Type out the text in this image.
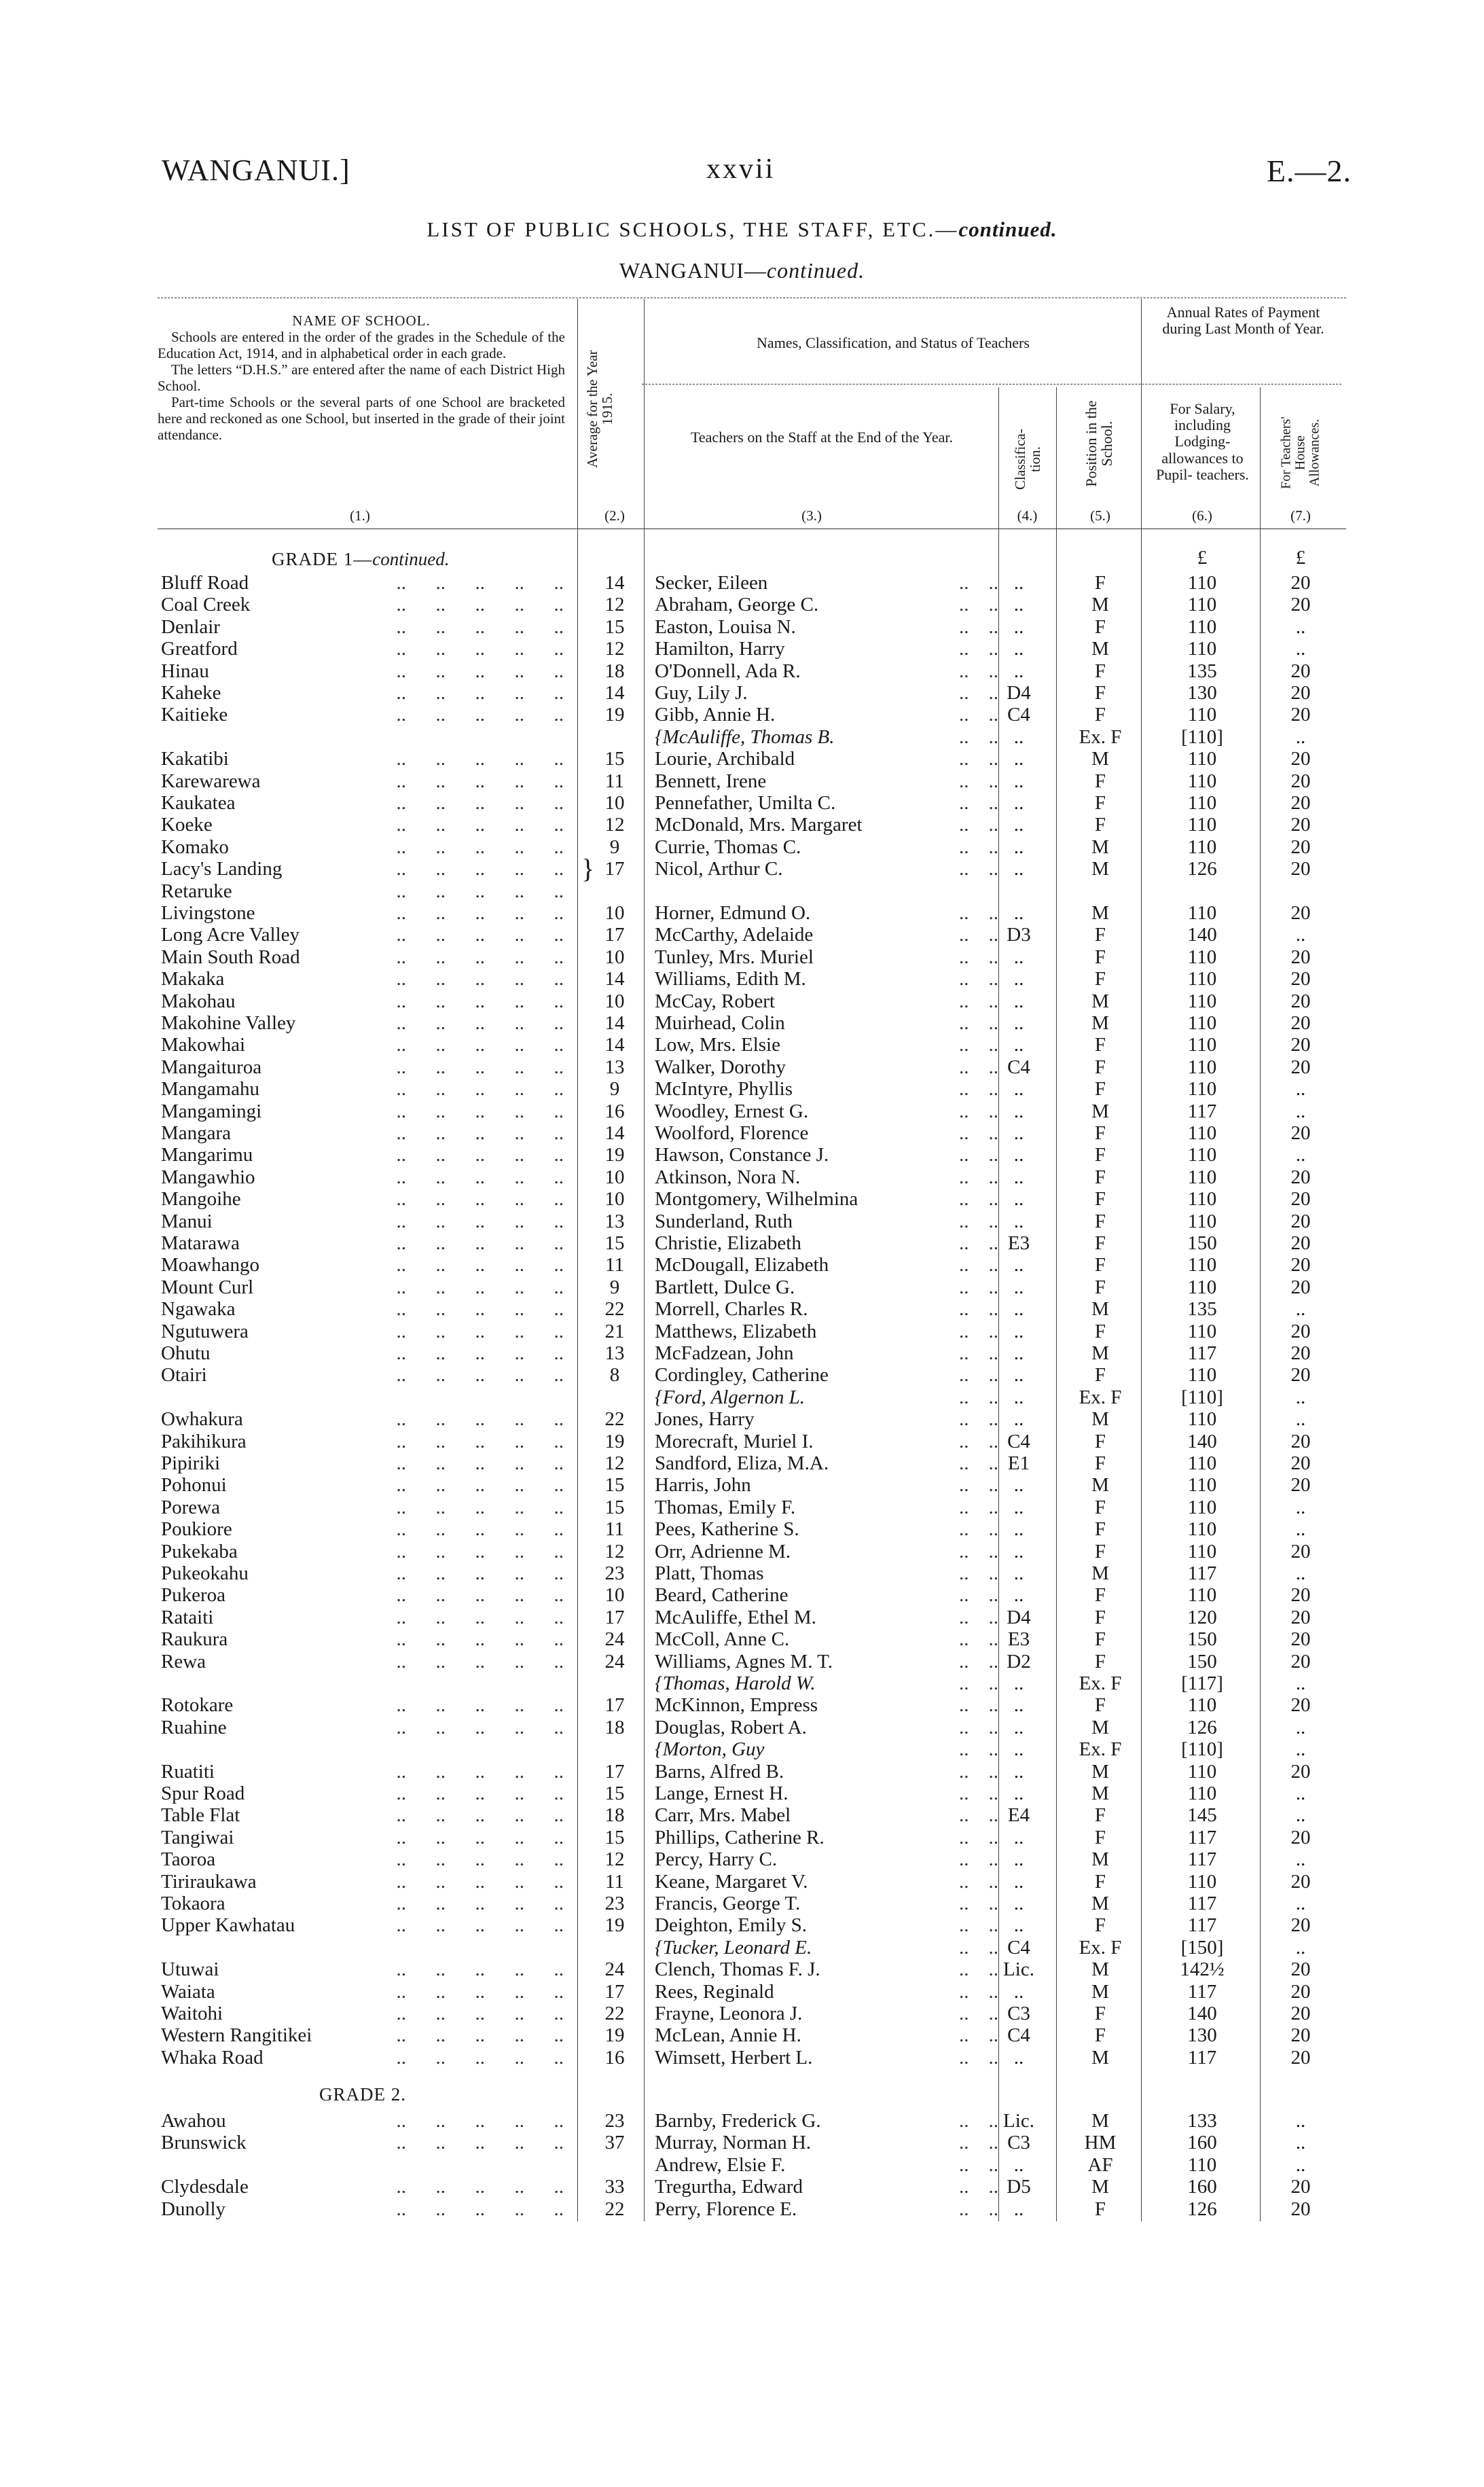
WANGANUI.]	xxvii	E.—2.
LIST OF PUBLIC SCHOOLS, THE STAFF, ETC.—continued.
WANGANUI—continued.
NAME OF SCHOOL.

Schools are entered in the order of the grades in the Schedule of the Education Act, 1914, and in alphabetical order in each grade.

The letters “D.H.S.” are entered after the name of each District High School.

Part-time Schools or the several parts of one School are bracketed here and reckoned as one School, but inserted in the grade of their joint attendance.

(1.)
Average for the Year 1915.
(2.)
Names, Classification, and Status of Teachers
Teachers on the Staff at the End of the Year.
(3.)
Classifica- tion.
(4.)
Position in the School.
(5.)
Annual Rates of Payment during Last Month of Year.
For Salary, including Lodging- allowances to Pupil- teachers.
(6.)
For Teachers' House Allowances.
(7.)
GRADE 1—continued.	£	£
Bluff Road	..      ..      ..      ..      ..	14	Secker, Eileen	..    .. ..	F	110	20
Coal Creek	..      ..      ..      ..      ..	12	Abraham, George C.	..    .. ..	M	110	20
Denlair	..      ..      ..      ..      ..	15	Easton, Louisa N.	..    .. ..	F	110	..
Greatford	..      ..      ..      ..      ..	12	Hamilton, Harry	..    .. ..	M	110	..
Hinau	..      ..      ..      ..      ..	18	O'Donnell, Ada R.	..    .. ..	F	135	20
Kaheke	..      ..      ..      ..      ..	14	Guy, Lily J.	..    .. D4	F	130	20
Kaitieke	..      ..      ..      ..      ..	19	Gibb, Annie H.	..    .. C4	F	110	20
{McAuliffe, Thomas B.	..    .. ..	Ex. F	[110]	..
Kakatibi	..      ..      ..      ..      ..	15	Lourie, Archibald	..    .. ..	M	110	20
Karewarewa	..      ..      ..      ..      ..	11	Bennett, Irene	..    .. ..	F	110	20
Kaukatea	..      ..      ..      ..      ..	10	Pennefather, Umilta C.	..    .. ..	F	110	20
Koeke	..      ..      ..      ..      ..	12	McDonald, Mrs. Margaret	..    .. ..	F	110	20
Komako	..      ..      ..      ..      ..	9	Currie, Thomas C.	..    .. ..	M	110	20
Lacy's Landing	..      ..      ..      ..      .. } 17	Nicol, Arthur C.	..    .. ..	M	126	20
Retaruke	..      ..      ..      ..      ..
Livingstone	..      ..      ..      ..      ..	10	Horner, Edmund O.	..    .. ..	M	110	20
Long Acre Valley	..      ..      ..      ..      ..	17	McCarthy, Adelaide	..    .. D3	F	140	..
Main South Road	..      ..      ..      ..      ..	10	Tunley, Mrs. Muriel	..    .. ..	F	110	20
Makaka	..      ..      ..      ..      ..	14	Williams, Edith M.	..    .. ..	F	110	20
Makohau	..      ..      ..      ..      ..	10	McCay, Robert	..    .. ..	M	110	20
Makohine Valley	..      ..      ..      ..      ..	14	Muirhead, Colin	..    .. ..	M	110	20
Makowhai	..      ..      ..      ..      ..	14	Low, Mrs. Elsie	..    .. ..	F	110	20
Mangaituroa	..      ..      ..      ..      ..	13	Walker, Dorothy	..    .. C4	F	110	20
Mangamahu	..      ..      ..      ..      ..	9	McIntyre, Phyllis	..    .. ..	F	110	..
Mangamingi	..      ..      ..      ..      ..	16	Woodley, Ernest G.	..    .. ..	M	117	..
Mangara	..      ..      ..      ..      ..	14	Woolford, Florence	..    .. ..	F	110	20
Mangarimu	..      ..      ..      ..      ..	19	Hawson, Constance J.	..    .. ..	F	110	..
Mangawhio	..      ..      ..      ..      ..	10	Atkinson, Nora N.	..    .. ..	F	110	20
Mangoihe	..      ..      ..      ..      ..	10	Montgomery, Wilhelmina	..    .. ..	F	110	20
Manui	..      ..      ..      ..      ..	13	Sunderland, Ruth	..    .. ..	F	110	20
Matarawa	..      ..      ..      ..      ..	15	Christie, Elizabeth	..    .. E3	F	150	20
Moawhango	..      ..      ..      ..      ..	11	McDougall, Elizabeth	..    .. ..	F	110	20
Mount Curl	..      ..      ..      ..      ..	9	Bartlett, Dulce G.	..    .. ..	F	110	20
Ngawaka	..      ..      ..      ..      ..	22	Morrell, Charles R.	..    .. ..	M	135	..
Ngutuwera	..      ..      ..      ..      ..	21	Matthews, Elizabeth	..    .. ..	F	110	20
Ohutu	..      ..      ..      ..      ..	13	McFadzean, John	..    .. ..	M	117	20
Otairi	..      ..      ..      ..      ..	8	Cordingley, Catherine	..    .. ..	F	110	20
{Ford, Algernon L.	..    .. ..	Ex. F	[110]	..
Owhakura	..      ..      ..      ..      ..	22	Jones, Harry	..    .. ..	M	110	..
Pakihikura	..      ..      ..      ..      ..	19	Morecraft, Muriel I.	..    .. C4	F	140	20
Pipiriki	..      ..      ..      ..      ..	12	Sandford, Eliza, M.A.	..    .. E1	F	110	20
Pohonui	..      ..      ..      ..      ..	15	Harris, John	..    .. ..	M	110	20
Porewa	..      ..      ..      ..      ..	15	Thomas, Emily F.	..    .. ..	F	110	..
Poukiore	..      ..      ..      ..      ..	11	Pees, Katherine S.	..    .. ..	F	110	..
Pukekaba	..      ..      ..      ..      ..	12	Orr, Adrienne M.	..    .. ..	F	110	20
Pukeokahu	..      ..      ..      ..      ..	23	Platt, Thomas	..    .. ..	M	117	..
Pukeroa	..      ..      ..      ..      ..	10	Beard, Catherine	..    .. ..	F	110	20
Rataiti	..      ..      ..      ..      ..	17	McAuliffe, Ethel M.	..    .. D4	F	120	20
Raukura	..      ..      ..      ..      ..	24	McColl, Anne C.	..    .. E3	F	150	20
Rewa	..      ..      ..      ..      ..	24	Williams, Agnes M. T.	..    .. D2	F	150	20
{Thomas, Harold W.	..    .. ..	Ex. F	[117]	..
Rotokare	..      ..      ..      ..      ..	17	McKinnon, Empress	..    .. ..	F	110	20
Ruahine	..      ..      ..      ..      ..	18	Douglas, Robert A.	..    .. ..	M	126	..
{Morton, Guy	..    .. ..	Ex. F	[110]	..
Ruatiti	..      ..      ..      ..      ..	17	Barns, Alfred B.	..    .. ..	M	110	20
Spur Road	..      ..      ..      ..      ..	15	Lange, Ernest H.	..    .. ..	M	110	..
Table Flat	..      ..      ..      ..      ..	18	Carr, Mrs. Mabel	..    .. E4	F	145	..
Tangiwai	..      ..      ..      ..      ..	15	Phillips, Catherine R.	..    .. ..	F	117	20
Taoroa	..      ..      ..      ..      ..	12	Percy, Harry C.	..    .. ..	M	117	..
Tiriraukawa	..      ..      ..      ..      ..	11	Keane, Margaret V.	..    .. ..	F	110	20
Tokaora	..      ..      ..      ..      ..	23	Francis, George T.	..    .. ..	M	117	..
Upper Kawhatau	..      ..      ..      ..      ..	19	Deighton, Emily S.	..    .. ..	F	117	20
{Tucker, Leonard E.	..    .. C4	Ex. F	[150]	..
Utuwai	..      ..      ..      ..      ..	24	Clench, Thomas F. J.	..    .. Lic.	M	142½	20
Waiata	..      ..      ..      ..      ..	17	Rees, Reginald	..    .. ..	M	117	20
Waitohi	..      ..      ..      ..      ..	22	Frayne, Leonora J.	..    .. C3	F	140	20
Western Rangitikei	..      ..      ..      ..      ..	19	McLean, Annie H.	..    .. C4	F	130	20
Whaka Road	..      ..      ..      ..      ..	16	Wimsett, Herbert L.	..    .. ..	M	117	20
GRADE 2.
Awahou	..      ..      ..      ..      ..	23	Barnby, Frederick G.	..    .. Lic.	M	133	..
Brunswick	..      ..      ..      ..      ..	37	Murray, Norman H.	..    .. C3	HM	160	..
Andrew, Elsie F.	..    .. ..	AF	110	..
Clydesdale	..      ..      ..      ..      ..	33	Tregurtha, Edward	..    .. D5	M	160	20
Dunolly	..      ..      ..      ..      ..	22	Perry, Florence E.	..    .. ..	F	126	20
